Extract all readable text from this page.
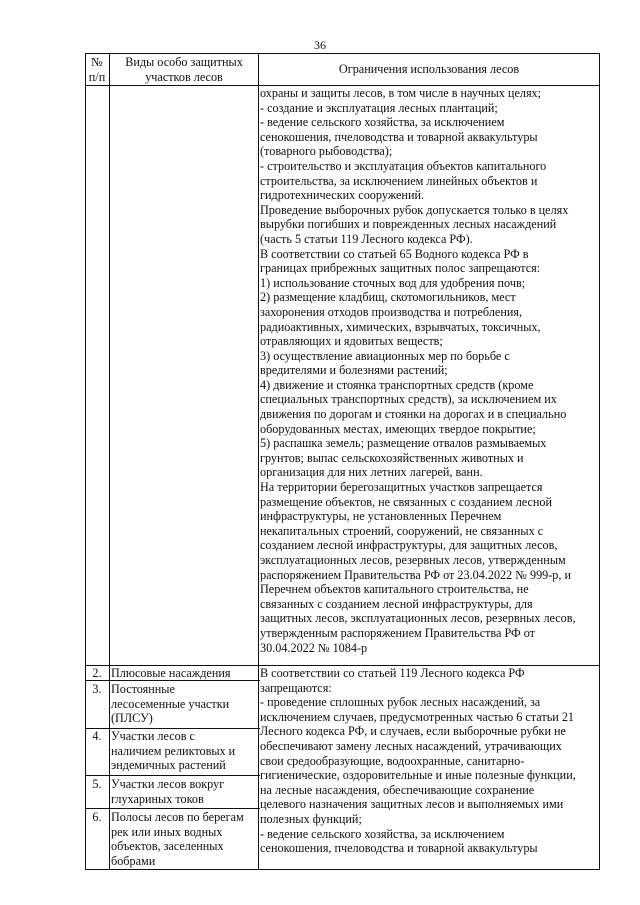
36
№
п/п
Виды особо защитных
участков лесов
Ограничения использования лесов
охраны и защиты лесов, в том числе в научных целях;
- создание и эксплуатация лесных плантаций;
- ведение сельского хозяйства, за исключением
сенокошения, пчеловодства и товарной аквакультуры
(товарного рыбоводства);
- строительство и эксплуатация объектов капитального
строительства, за исключением линейных объектов и
гидротехнических сооружений.
Проведение выборочных рубок допускается только в целях
вырубки погибших и поврежденных лесных насаждений
(часть 5 статьи 119 Лесного кодекса РФ).
В соответствии со статьей 65 Водного кодекса РФ в
границах прибрежных защитных полос запрещаются:
1) использование сточных вод для удобрения почв;
2) размещение кладбищ, скотомогильников, мест
захоронения отходов производства и потребления,
радиоактивных, химических, взрывчатых, токсичных,
отравляющих и ядовитых веществ;
3) осуществление авиационных мер по борьбе с
вредителями и болезнями растений;
4) движение и стоянка транспортных средств (кроме
специальных транспортных средств), за исключением их
движения по дорогам и стоянки на дорогах и в специально
оборудованных местах, имеющих твердое покрытие;
5) распашка земель; размещение отвалов размываемых
грунтов; выпас сельскохозяйственных животных и
организация для них летних лагерей, ванн.
На территории берегозащитных участков запрещается
размещение объектов, не связанных с созданием лесной
инфраструктуры, не установленных Перечнем
некапитальных строений, сооружений, не связанных с
созданием лесной инфраструктуры, для защитных лесов,
эксплуатационных лесов, резервных лесов, утвержденным
распоряжением Правительства РФ от 23.04.2022 № 999-р, и
Перечнем объектов капитального строительства, не
связанных с созданием лесной инфраструктуры, для
защитных лесов, эксплуатационных лесов, резервных лесов,
утвержденным распоряжением Правительства РФ от
30.04.2022 № 1084-р
2. Плюсовые насаждения
3. Постоянные
лесосеменные участки
(ПЛСУ)
4. Участки лесов с
наличием реликтовых и
эндемичных растений
5. Участки лесов вокруг
глухариных токов
6. Полосы лесов по берегам
рек или иных водных
объектов, заселенных
бобрами
В соответствии со статьей 119 Лесного кодекса РФ
запрещаются:
- проведение сплошных рубок лесных насаждений, за
исключением случаев, предусмотренных частью 6 статьи 21
Лесного кодекса РФ, и случаев, если выборочные рубки не
обеспечивают замену лесных насаждений, утрачивающих
свои средообразующие, водоохранные, санитарно-
гигиенические, оздоровительные и иные полезные функции,
на лесные насаждения, обеспечивающие сохранение
целевого назначения защитных лесов и выполняемых ими
полезных функций;
- ведение сельского хозяйства, за исключением
сенокошения, пчеловодства и товарной аквакультуры
